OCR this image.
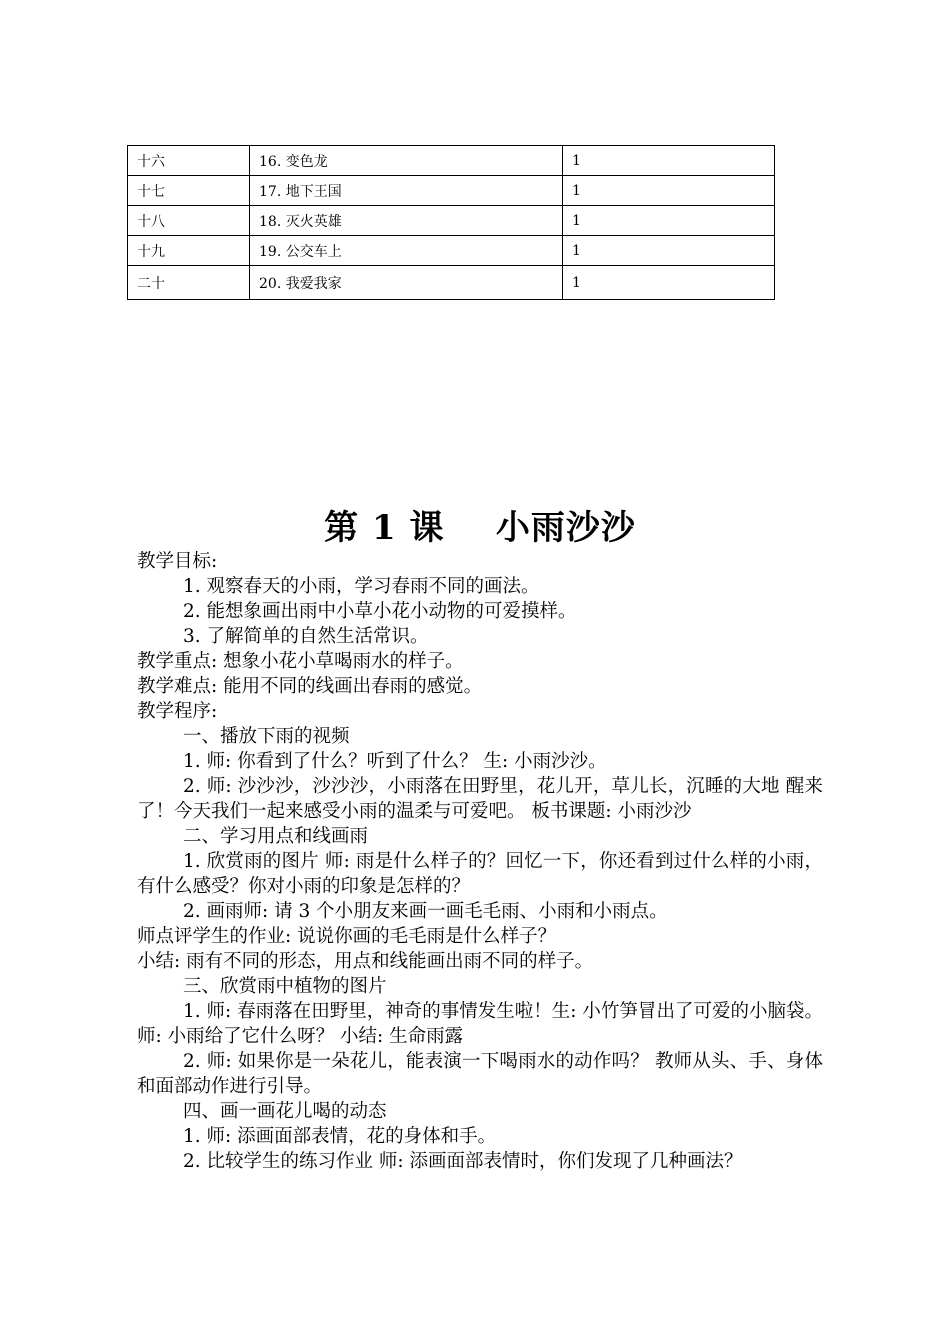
十六	16. 变色龙	1
十七	17. 地下王国	1
十八	18. 灭火英雄	1
十九	19. 公交车上	1
二十	20. 我爱我家	1
第 1 课    小雨沙沙

教学目标:

1. 观察春天的小雨，学习春雨不同的画法。

2. 能想象画出雨中小草小花小动物的可爱摸样。

3. 了解简单的自然生活常识。

教学重点: 想象小花小草喝雨水的样子。

教学难点: 能用不同的线画出春雨的感觉。

教学程序:

一、播放下雨的视频

1. 师: 你看到了什么？听到了什么？ 生: 小雨沙沙。

2. 师: 沙沙沙，沙沙沙，小雨落在田野里，花儿开，草儿长，沉睡的大地 醒来了！今天我们一起来感受小雨的温柔与可爱吧。 板书课题: 小雨沙沙

二、学习用点和线画雨

1. 欣赏雨的图片 师: 雨是什么样子的？回忆一下，你还看到过什么样的小雨，有什么感受？你对小雨的印象是怎样的？

2. 画雨师: 请 3 个小朋友来画一画毛毛雨、小雨和小雨点。

师点评学生的作业: 说说你画的毛毛雨是什么样子？

小结: 雨有不同的形态，用点和线能画出雨不同的样子。

三、欣赏雨中植物的图片

1. 师: 春雨落在田野里，神奇的事情发生啦！生: 小竹笋冒出了可爱的小脑袋。 师: 小雨给了它什么呀？ 小结: 生命雨露

2. 师: 如果你是一朵花儿，能表演一下喝雨水的动作吗？ 教师从头、手、身体和面部动作进行引导。

四、画一画花儿喝的动态

1. 师: 添画面部表情，花的身体和手。

2. 比较学生的练习作业 师: 添画面部表情时，你们发现了几种画法？
